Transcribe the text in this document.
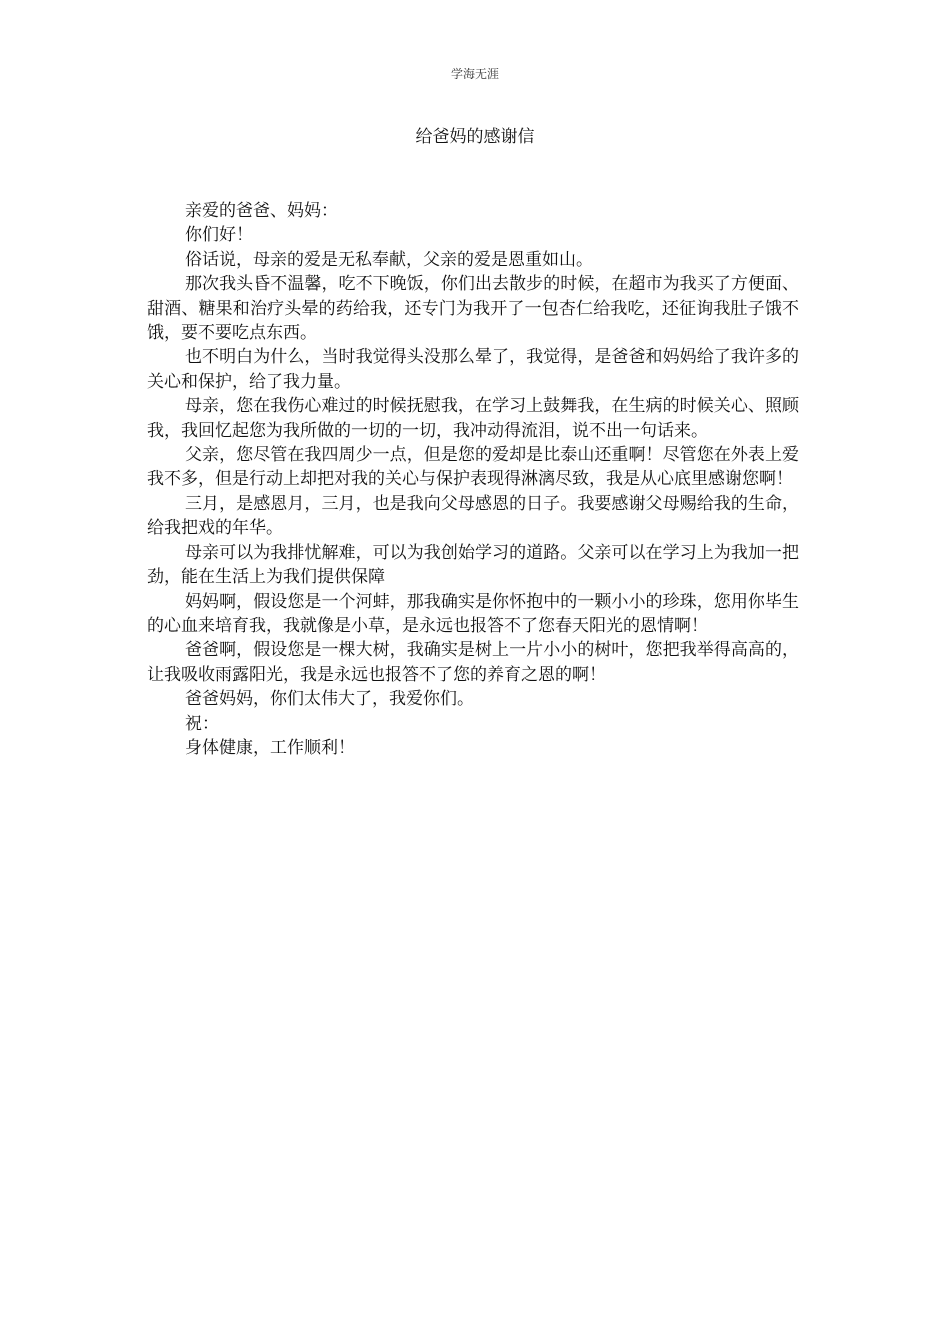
学海无涯
给爸妈的感谢信

亲爱的爸爸、妈妈：

你们好！

俗话说，母亲的爱是无私奉献，父亲的爱是恩重如山。

那次我头昏不温馨，吃不下晚饭，你们出去散步的时候，在超市为我买了方便面、甜酒、糖果和治疗头晕的药给我，还专门为我开了一包杏仁给我吃，还征询我肚子饿不饿，要不要吃点东西。

也不明白为什么，当时我觉得头没那么晕了，我觉得，是爸爸和妈妈给了我许多的关心和保护，给了我力量。

母亲，您在我伤心难过的时候抚慰我，在学习上鼓舞我，在生病的时候关心、照顾我，我回忆起您为我所做的一切的一切，我冲动得流泪，说不出一句话来。

父亲，您尽管在我四周少一点，但是您的爱却是比泰山还重啊！尽管您在外表上爱我不多，但是行动上却把对我的关心与保护表现得淋漓尽致，我是从心底里感谢您啊！

三月，是感恩月，三月，也是我向父母感恩的日子。我要感谢父母赐给我的生命，给我把戏的年华。

母亲可以为我排忧解难，可以为我创始学习的道路。父亲可以在学习上为我加一把劲，能在生活上为我们提供保障

妈妈啊，假设您是一个河蚌，那我确实是你怀抱中的一颗小小的珍珠，您用你毕生的心血来培育我，我就像是小草，是永远也报答不了您春天阳光的恩情啊！

爸爸啊，假设您是一棵大树，我确实是树上一片小小的树叶，您把我举得高高的，让我吸收雨露阳光，我是永远也报答不了您的养育之恩的啊！

爸爸妈妈，你们太伟大了，我爱你们。

祝：

身体健康，工作顺利！
